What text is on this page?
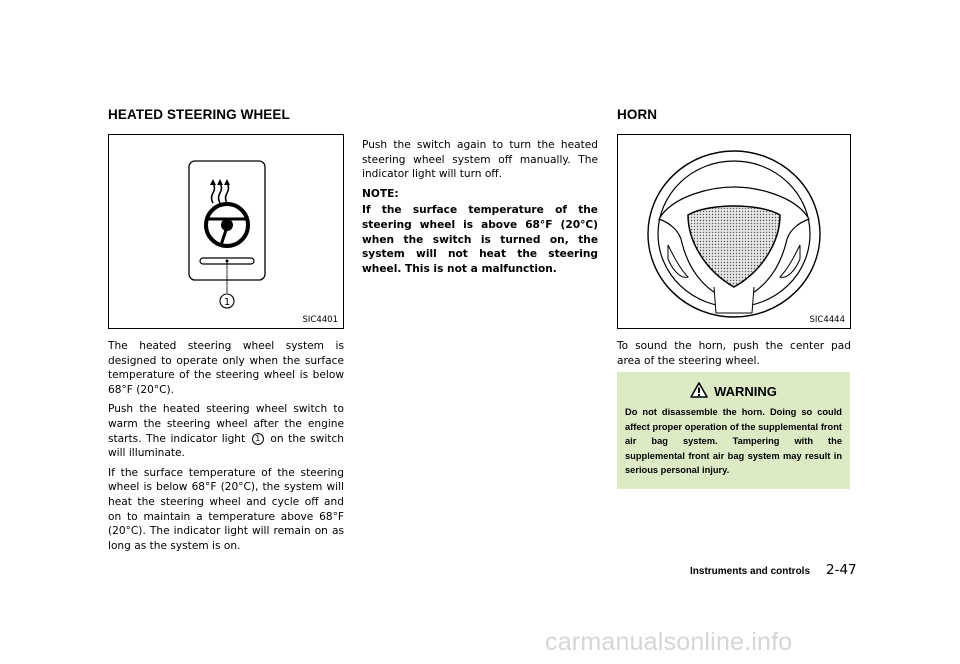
HEATED STEERING WHEEL
1
SIC4401

The heated steering wheel system is designed to operate only when the surface temperature of the steering wheel is below 68°F (20°C).

Push the heated steering wheel switch to warm the steering wheel after the engine starts. The indicator light 1 on the switch will illuminate.

If the surface temperature of the steering wheel is below 68°F (20°C), the system will heat the steering wheel and cycle off and on to maintain a temperature above 68°F (20°C). The indicator light will remain on as long as the system is on.

Push the switch again to turn the heated steering wheel system off manually. The indicator light will turn off.

NOTE:

If the surface temperature of the steering wheel is above 68°F (20°C) when the switch is turned on, the system will not heat the steering wheel. This is not a malfunction.

HORN
SIC4444
To sound the horn, push the center pad area of the steering wheel.
WARNING
Do not disassemble the horn. Doing so could affect proper operation of the supplemental front air bag system. Tampering with the supplemental front air bag system may result in serious personal injury.
Instruments and controls 2-47
carmanualsonline.info
